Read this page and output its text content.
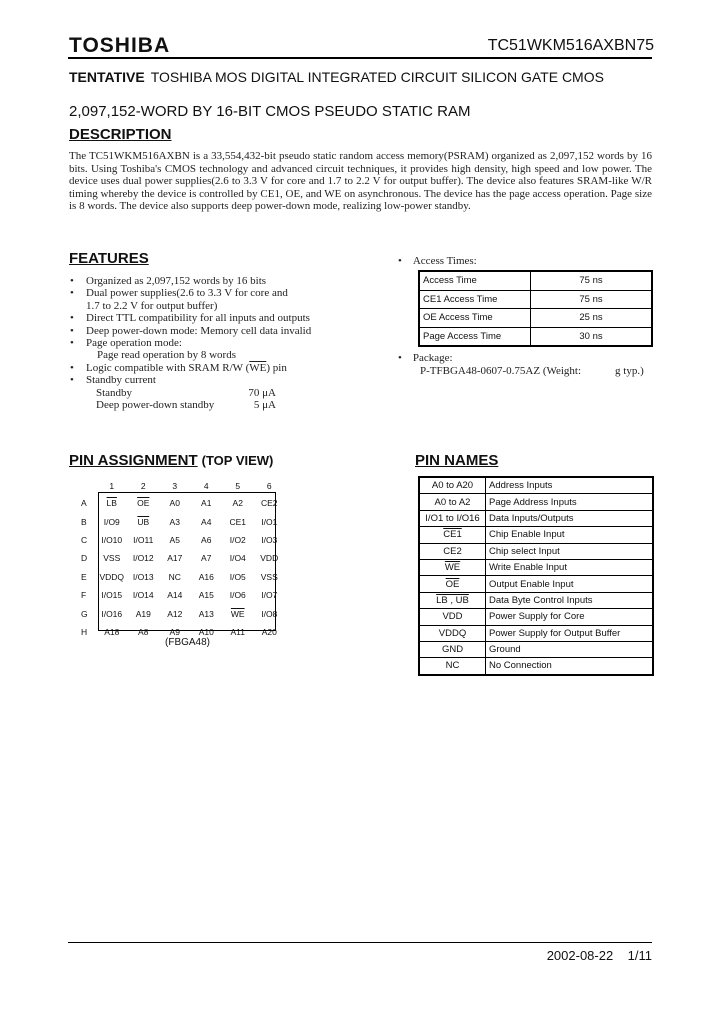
TOSHIBA	TC51WKM516AXBN75
TENTATIVE TOSHIBA MOS DIGITAL INTEGRATED CIRCUIT SILICON GATE CMOS
2,097,152-WORD BY 16-BIT CMOS PSEUDO STATIC RAM
DESCRIPTION
The TC51WKM516AXBN is a 33,554,432-bit pseudo static random access memory(PSRAM) organized as 2,097,152 words by 16 bits. Using Toshiba's CMOS technology and advanced circuit techniques, it provides high density, high speed and low power. The device uses dual power supplies(2.6 to 3.3 V for core and 1.7 to 2.2 V for output buffer). The device also features SRAM-like W/R timing whereby the device is controlled by CE1, OE, and WE on asynchronous. The device has the page access operation. Page size is 8 words. The device also supports deep power-down mode, realizing low-power standby.
FEATURES
• Organized as 2,097,152 words by 16 bits
• Dual power supplies(2.6 to 3.3 V for core and
1.7 to 2.2 V for output buffer)
• Direct TTL compatibility for all inputs and outputs
• Deep power-down mode: Memory cell data invalid
• Page operation mode:
Page read operation by 8 words
• Logic compatible with SRAM R/W $(\overline{WE})$ pin
• Standby current
Standby	70 μA
Deep power-down standby	5 μA
•    Access Times:
Access Time	75 ns
CE1 Access Time	75 ns
OE Access Time	25 ns
Page Access Time	30 ns
•    Package:
P-TFBGA48-0607-0.75AZ (Weight:	g typ.)
PIN ASSIGNMENT (TOP VIEW)
	1	2	3	4	5	6
A	$\overline{LB}$	$\overline{OE}$	A0	A1	A2	CE2
B	I/O9	$\overline{UB}$	A3	A4	CE1	I/O1
C	I/O10	I/O11	A5	A6	I/O2	I/O3
D	VSS	I/O12	A17	A7	I/O4	VDD
E	VDDQ	I/O13	NC	A16	I/O5	VSS
F	I/O15	I/O14	A14	A15	I/O6	I/O7
G	I/O16	A19	A12	A13	$\overline{WE}$	I/O8
H	A18	A8	A9	A10	A11	A20
(FBGA48)
PIN NAMES
A0 to A20	Address Inputs
A0 to A2	Page Address Inputs
I/O1 to I/O16	Data Inputs/Outputs
CE1	Chip Enable Input
CE2	Chip select Input
$\overline{WE}$	Write Enable Input
$\overline{OE}$	Output Enable Input
LB , UB	Data Byte Control Inputs
VDD	Power Supply for Core
VDDQ	Power Supply for Output Buffer
GND	Ground
NC	No Connection
2002-08-22 1/11
